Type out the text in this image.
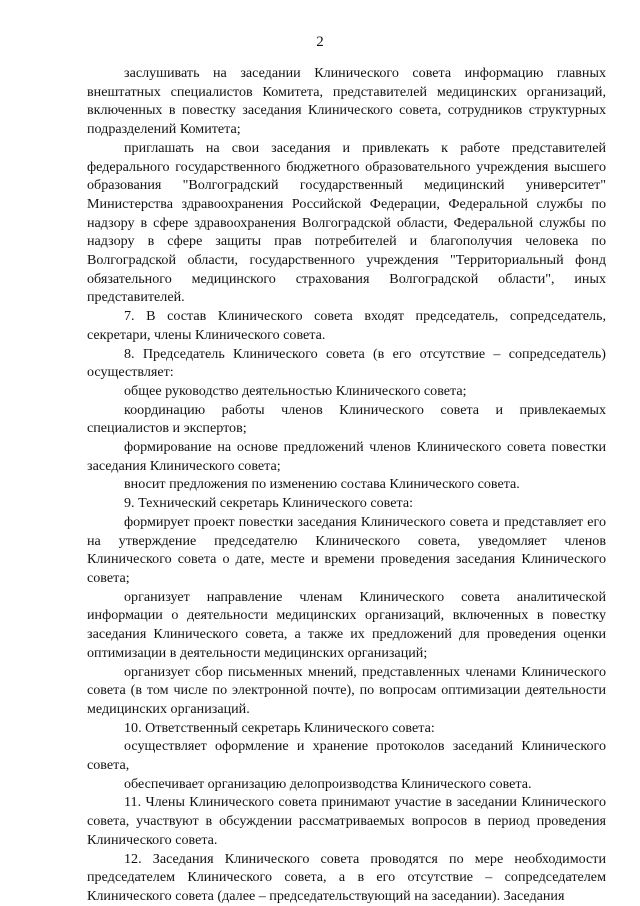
2

заслушивать на заседании Клинического совета информацию главных внештатных специалистов Комитета, представителей медицинских организаций, включенных в повестку заседания Клинического совета, сотрудников структурных подразделений Комитета;

приглашать на свои заседания и привлекать к работе представителей федерального государственного бюджетного образовательного учреждения высшего образования "Волгоградский государственный медицинский университет" Министерства здравоохранения Российской Федерации, Федеральной службы по надзору в сфере здравоохранения Волгоградской области, Федеральной службы по надзору в сфере защиты прав потребителей и благополучия человека по Волгоградской области, государственного учреждения "Территориальный фонд обязательного медицинского страхования Волгоградской области", иных представителей.

7. В состав Клинического совета входят председатель, сопредседатель, секретари, члены Клинического совета.

8. Председатель Клинического совета (в его отсутствие – сопредседатель) осуществляет:

общее руководство деятельностью Клинического совета;

координацию работы членов Клинического совета и привлекаемых специалистов и экспертов;

формирование на основе предложений членов Клинического совета повестки заседания Клинического совета;

вносит предложения по изменению состава Клинического совета.

9. Технический секретарь Клинического совета:

формирует проект повестки заседания Клинического совета и представляет его на утверждение председателю Клинического совета, уведомляет членов Клинического совета о дате, месте и времени проведения заседания Клинического совета;

организует направление членам Клинического совета аналитической информации о деятельности медицинских организаций, включенных в повестку заседания Клинического совета, а также их предложений для проведения оценки оптимизации в деятельности медицинских организаций;

организует сбор письменных мнений, представленных членами Клинического совета (в том числе по электронной почте), по вопросам оптимизации деятельности медицинских организаций.

10. Ответственный секретарь Клинического совета:

осуществляет оформление и хранение протоколов заседаний Клинического совета,

обеспечивает организацию делопроизводства Клинического совета.

11. Члены Клинического совета принимают участие в заседании Клинического совета, участвуют в обсуждении рассматриваемых вопросов в период проведения Клинического совета.

12. Заседания Клинического совета проводятся по мере необходимости председателем Клинического совета, а в его отсутствие – сопредседателем Клинического совета (далее – председательствующий на заседании). Заседания
